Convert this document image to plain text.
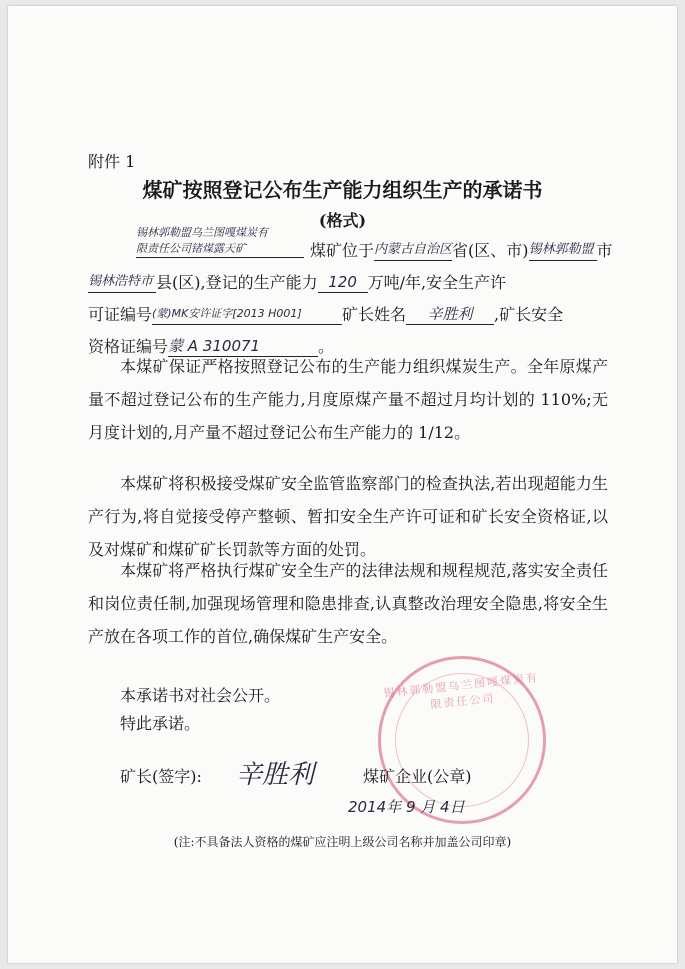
附件 1
煤矿按照登记公布生产能力组织生产的承诺书
(格式)
锡林郭勒盟乌兰图嘎煤炭有
限责任公司锗煤露天矿	煤矿位于内蒙古自治区省(区、市)锡林郭勒盟 市
锡林浩特市 县(区),登记的生产能力 120 万吨/年,安全生产许
可证编号(蒙)MK安许证字[2013 H001]	矿长姓名 辛胜利 ,矿长安全
资格证编号蒙 A 310071	。
本煤矿保证严格按照登记公布的生产能力组织煤炭生产。全年原煤产量不超过登记公布的生产能力,月度原煤产量不超过月均计划的 110%;无月度计划的,月产量不超过登记公布生产能力的 1/12。
本煤矿将积极接受煤矿安全监管监察部门的检查执法,若出现超能力生产行为,将自觉接受停产整顿、暂扣安全生产许可证和矿长安全资格证,以及对煤矿和煤矿矿长罚款等方面的处罚。
本煤矿将严格执行煤矿安全生产的法律法规和规程规范,落实安全责任和岗位责任制,加强现场管理和隐患排查,认真整改治理安全隐患,将安全生产放在各项工作的首位,确保煤矿生产安全。
本承诺书对社会公开。
特此承诺。
锡林郭勒盟乌兰图嘎煤炭有限责任公司
矿长(签字): 辛胜利	煤矿企业(公章)
2014年 9 月 4日
(注:不具备法人资格的煤矿应注明上级公司名称并加盖公司印章)
